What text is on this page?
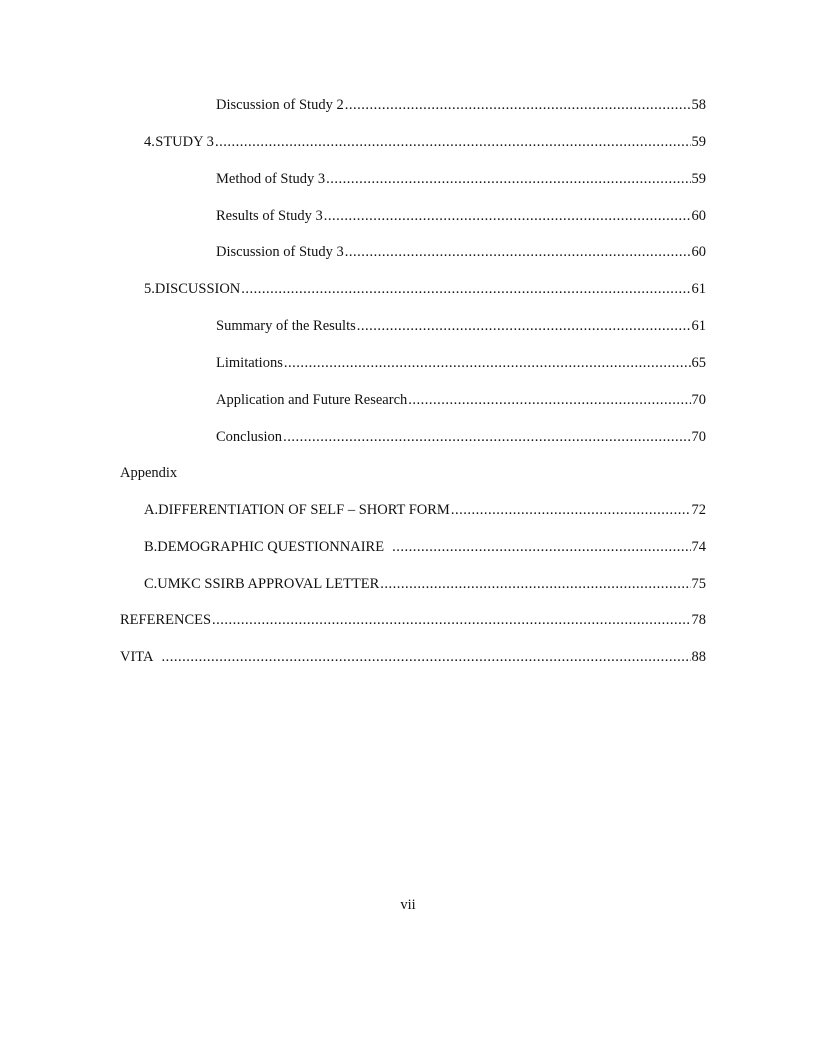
Discussion of Study 2 .....	58
4. STUDY 3 .....	59
Method of Study 3 .....	59
Results of Study 3 .....	60
Discussion of Study 3 .....	60
5. DISCUSSION .....	61
Summary of the Results .....	61
Limitations .....	65
Application and Future Research .....	70
Conclusion .....	70
Appendix
A. DIFFERENTIATION OF SELF – SHORT FORM .....	72
B. DEMOGRAPHIC QUESTIONNAIRE .....	74
C. UMKC SSIRB APPROVAL LETTER .....	75
REFERENCES .....	78
VITA .....	88
vii
